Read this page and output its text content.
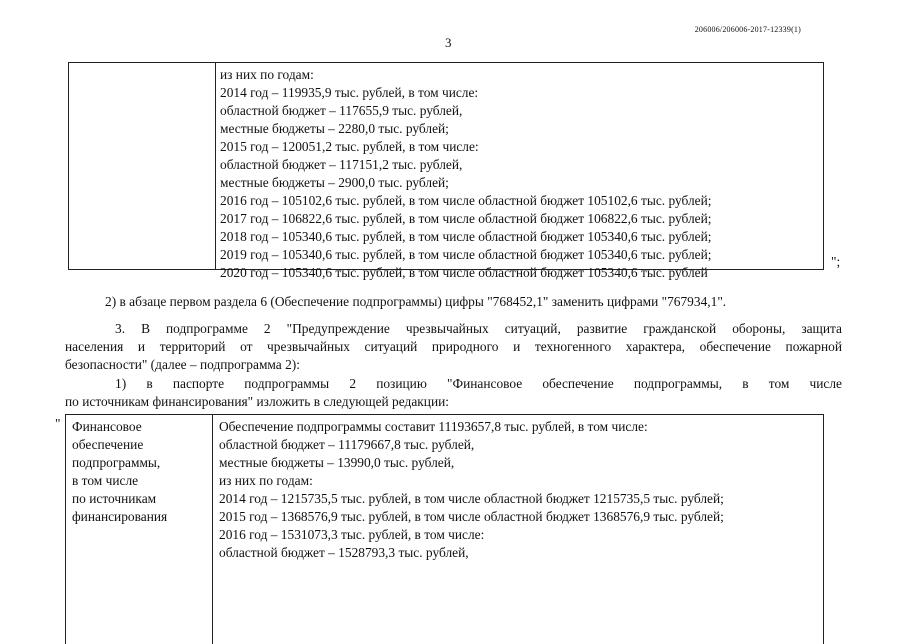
206006/206006-2017-12339(1)
3
из них по годам:
2014 год – 119935,9 тыс. рублей, в том числе:
областной бюджет – 117655,9 тыс. рублей,
местные бюджеты – 2280,0 тыс. рублей;
2015 год – 120051,2 тыс. рублей, в том числе:
областной бюджет – 117151,2 тыс. рублей,
местные бюджеты – 2900,0 тыс. рублей;
2016 год – 105102,6 тыс. рублей, в том числе областной бюджет 105102,6 тыс. рублей;
2017 год – 106822,6 тыс. рублей, в том числе областной бюджет 106822,6 тыс. рублей;
2018 год – 105340,6 тыс. рублей, в том числе областной бюджет 105340,6 тыс. рублей;
2019 год – 105340,6 тыс. рублей, в том числе областной бюджет 105340,6 тыс. рублей;
2020 год – 105340,6 тыс. рублей, в том числе областной бюджет 105340,6 тыс. рублей
";
2) в абзаце первом раздела 6 (Обеспечение подпрограммы) цифры "768452,1" заменить цифрами "767934,1".
3. В подпрограмме 2 "Предупреждение чрезвычайных ситуаций, развитие гражданской обороны, защита
населения и территорий от чрезвычайных ситуаций природного и техногенного характера, обеспечение пожарной
безопасности" (далее – подпрограмма 2):
1) в паспорте подпрограммы 2 позицию "Финансовое обеспечение подпрограммы, в том числе
по источникам финансирования" изложить в следующей редакции:
" Финансовое
обеспечение
подпрограммы,
в том числе
по источникам
финансирования
Обеспечение подпрограммы составит 11193657,8 тыс. рублей, в том числе:
областной бюджет – 11179667,8 тыс. рублей,
местные бюджеты – 13990,0 тыс. рублей,
из них по годам:
2014 год – 1215735,5 тыс. рублей, в том числе областной бюджет 1215735,5 тыс. рублей;
2015 год – 1368576,9 тыс. рублей, в том числе областной бюджет 1368576,9 тыс. рублей;
2016 год – 1531073,3 тыс. рублей, в том числе:
областной бюджет – 1528793,3 тыс. рублей,
